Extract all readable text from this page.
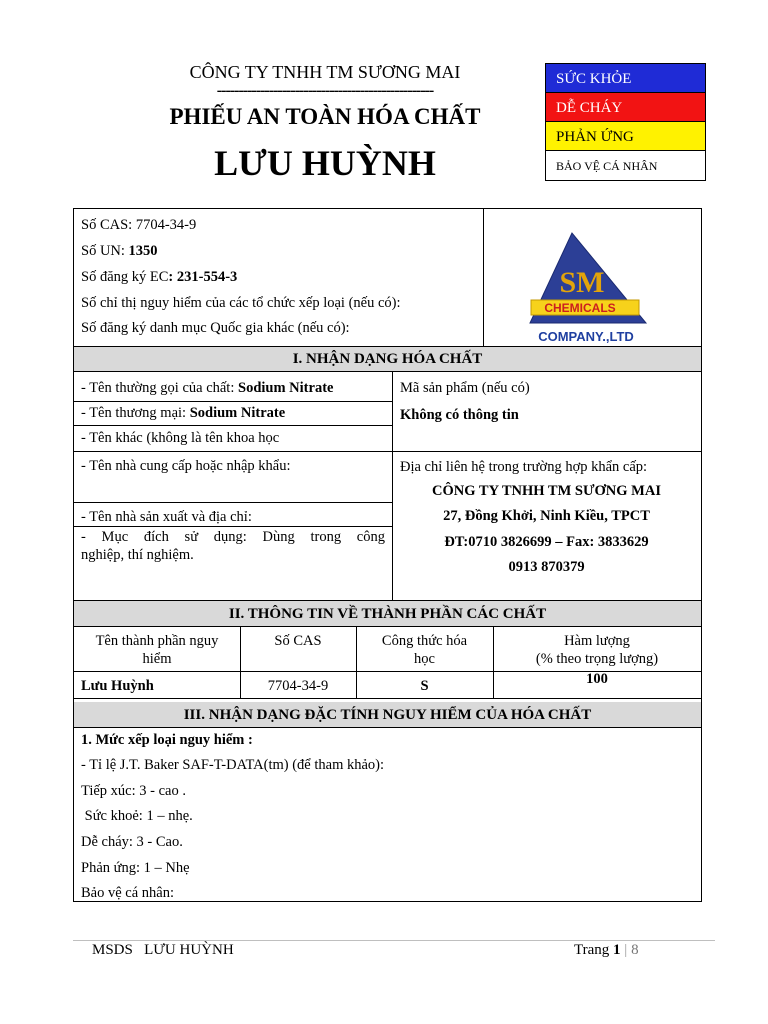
CÔNG TY TNHH TM SƯƠNG MAI
--------------------------------------------------
PHIẾU AN TOÀN HÓA CHẤT
LƯU HUỲNH
SỨC KHỎE
DỄ CHÁY
PHẢN ỨNG
BẢO VỆ CÁ NHÂN
Số CAS: 7704-34-9
Số UN: 1350
Số đăng ký EC: 231-554-3
Số chỉ thị nguy hiểm của các tổ chức xếp loại (nếu có):
Số đăng ký danh mục Quốc gia khác (nếu có):
I. NHẬN DẠNG HÓA CHẤT
- Tên thường gọi của chất: Sodium Nitrate
- Tên thương mại: Sodium Nitrate
- Tên khác (không là tên khoa học
- Tên nhà cung cấp hoặc nhập khẩu:
- Tên nhà sản xuất và địa chỉ:
- Mục đích sử dụng: Dùng trong công
nghiệp, thí nghiệm.
Mã sản phẩm (nếu có)
Không có thông tin
Địa chỉ liên hệ trong trường hợp khẩn cấp:
CÔNG TY TNHH TM SƯƠNG MAI
27, Đồng Khởi, Ninh Kiều, TPCT
ĐT:0710 3826699 – Fax: 3833629
0913 870379
II. THÔNG TIN VỀ THÀNH PHẦN CÁC CHẤT
Tên thành phần nguy
hiểm
Số CAS	Công thức hóa
học
Hàm lượng
(% theo trọng lượng)
Lưu Huỳnh	7704-34-9	S	100
III. NHẬN DẠNG ĐẶC TÍNH NGUY HIỂM CỦA HÓA CHẤT
1. Mức xếp loại nguy hiểm :
- Tỉ lệ J.T. Baker SAF-T-DATA(tm) (để tham khảo):
Tiếp xúc: 3 - cao .
Sức khoẻ: 1 – nhẹ.
Dễ cháy: 3 - Cao.
Phản ứng: 1 – Nhẹ
Bảo vệ cá nhân:
CHEMICALS
SM
COMPANY.,LTD
MSDS   LƯU HUỲNH	Trang 1 | 8
